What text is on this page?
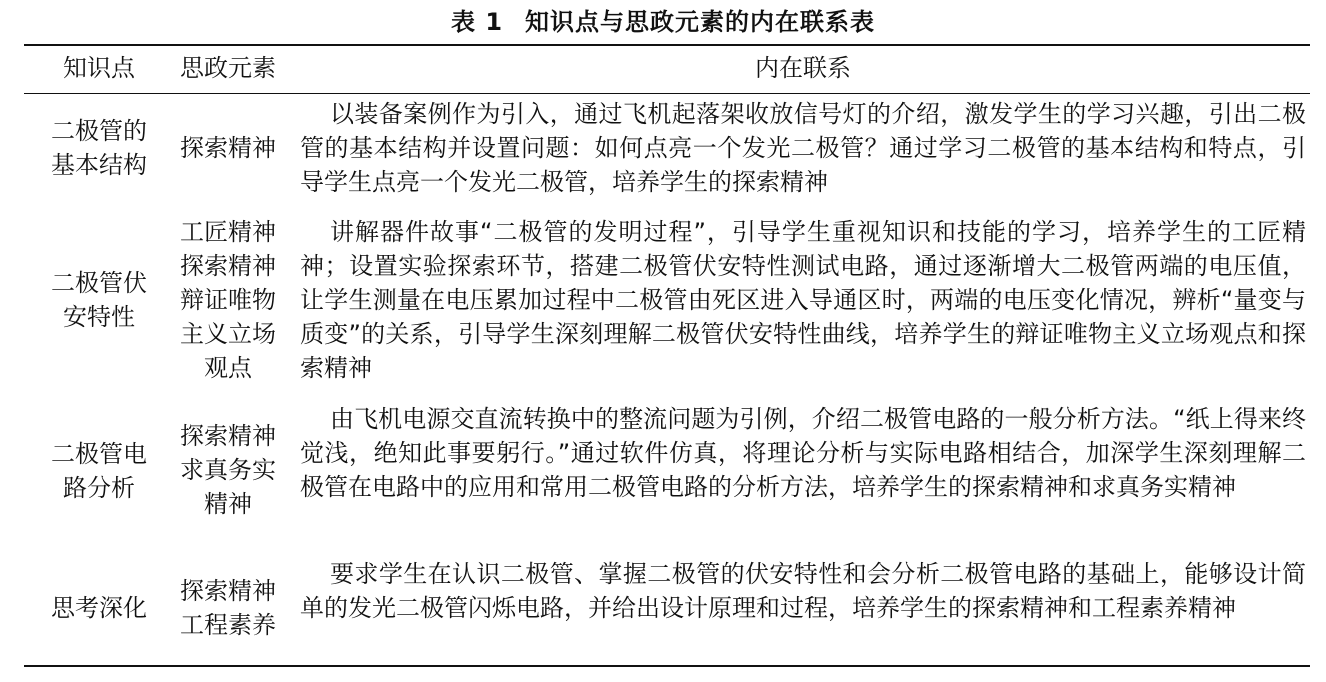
表 1 知识点与思政元素的内在联系表
知识点	思政元素	内在联系
二极管的
基本结构
探索精神

以装备案例作为引入，通过飞机起落架收放信号灯的介绍，激发学生的学习兴趣，引出二极管的基本结构并设置问题：如何点亮一个发光二极管？通过学习二极管的基本结构和特点，引导学生点亮一个发光二极管，培养学生的探索精神

二极管伏
安特性
工匠精神
探索精神
辩证唯物
主义立场
观点

讲解器件故事“二极管的发明过程”，引导学生重视知识和技能的学习，培养学生的工匠精神；设置实验探索环节，搭建二极管伏安特性测试电路，通过逐渐增大二极管两端的电压值，让学生测量在电压累加过程中二极管由死区进入导通区时，两端的电压变化情况，辨析“量变与质变”的关系，引导学生深刻理解二极管伏安特性曲线，培养学生的辩证唯物主义立场观点和探索精神

二极管电
路分析
探索精神
求真务实
精神

由飞机电源交直流转换中的整流问题为引例，介绍二极管电路的一般分析方法。“纸上得来终觉浅，绝知此事要躬行。”通过软件仿真，将理论分析与实际电路相结合，加深学生深刻理解二极管在电路中的应用和常用二极管电路的分析方法，培养学生的探索精神和求真务实精神

思考深化
探索精神
工程素养

要求学生在认识二极管、掌握二极管的伏安特性和会分析二极管电路的基础上，能够设计简单的发光二极管闪烁电路，并给出设计原理和过程，培养学生的探索精神和工程素养精神
